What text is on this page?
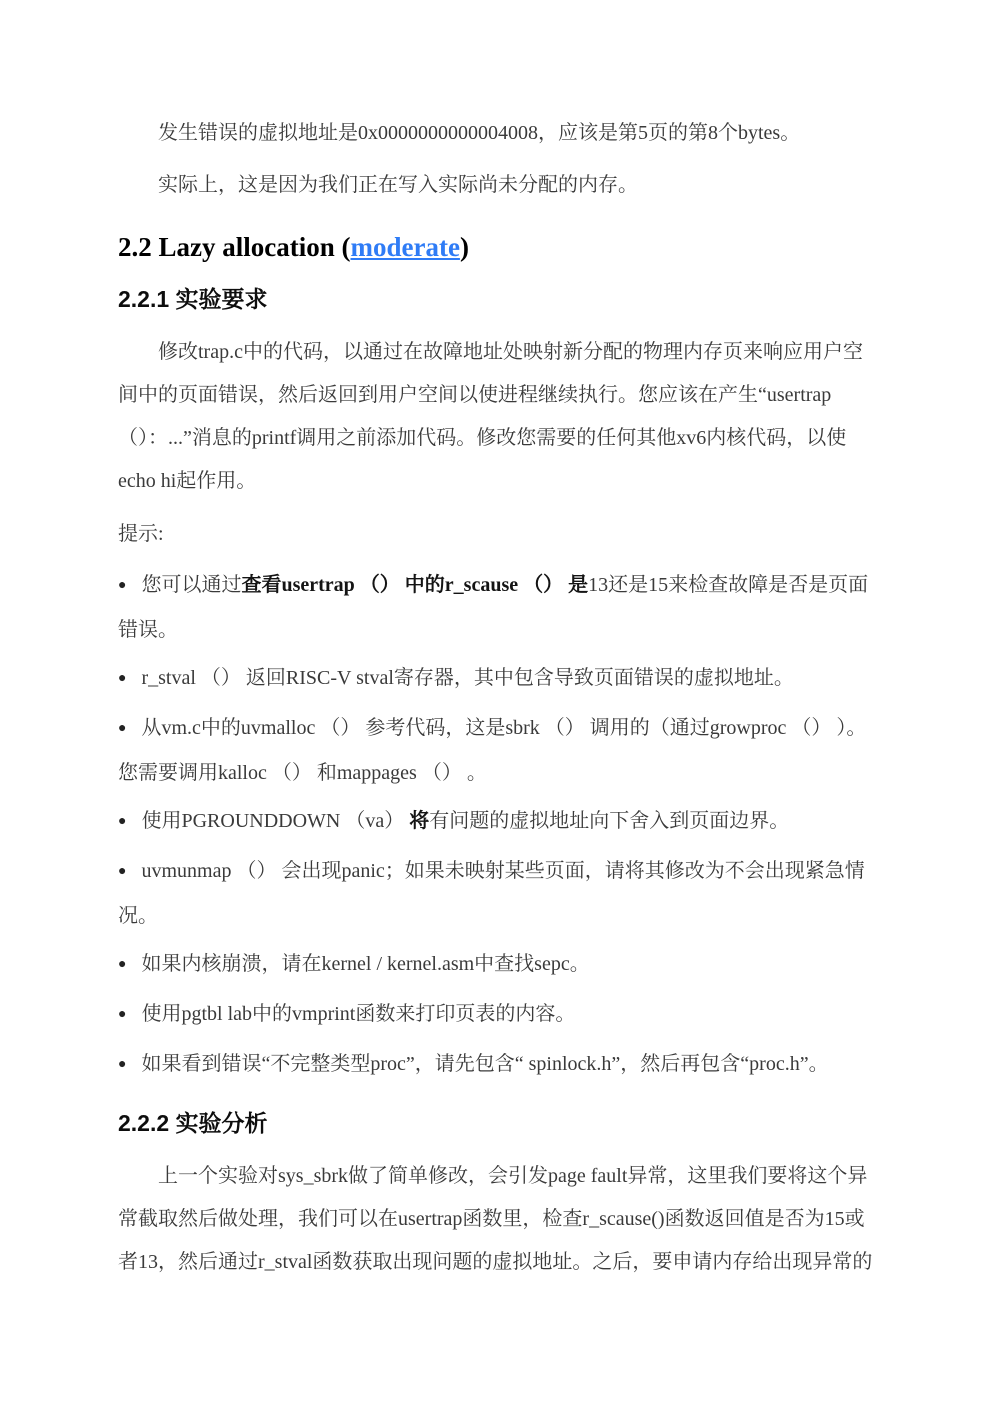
发生错误的虚拟地址是0x0000000000004008，应该是第5页的第8个bytes。

实际上，这是因为我们正在写入实际尚未分配的内存。

2.2 Lazy allocation (moderate)
2.2.1 实验要求

修改trap.c中的代码，以通过在故障地址处映射新分配的物理内存页来响应用户空间中的页面错误，然后返回到用户空间以使进程继续执行。您应该在产生“usertrap（）：...”消息的printf调用之前添加代码。修改您需要的任何其他xv6内核代码，以使echo hi起作用。

提示:

● 您可以通过查看usertrap （） 中的r_scause （） 是13还是15来检查故障是否是页面错误。
● r_stval （） 返回RISC-V stval寄存器，其中包含导致页面错误的虚拟地址。
● 从vm.c中的uvmalloc （） 参考代码，这是sbrk （） 调用的（通过growproc （） ）。您需要调用kalloc （） 和mappages （） 。
● 使用PGROUNDDOWN （va） 将有问题的虚拟地址向下舍入到页面边界。
● uvmunmap （） 会出现panic；如果未映射某些页面，请将其修改为不会出现紧急情况。
● 如果内核崩溃，请在kernel / kernel.asm中查找sepc。
● 使用pgtbl lab中的vmprint函数来打印页表的内容。
● 如果看到错误“不完整类型proc”，请先包含“ spinlock.h”，然后再包含“proc.h”。
2.2.2 实验分析

上一个实验对sys_sbrk做了简单修改，会引发page fault异常，这里我们要将这个异常截取然后做处理，我们可以在usertrap函数里，检查r_scause()函数返回值是否为15或者13，然后通过r_stval函数获取出现问题的虚拟地址。之后，要申请内存给出现异常的
